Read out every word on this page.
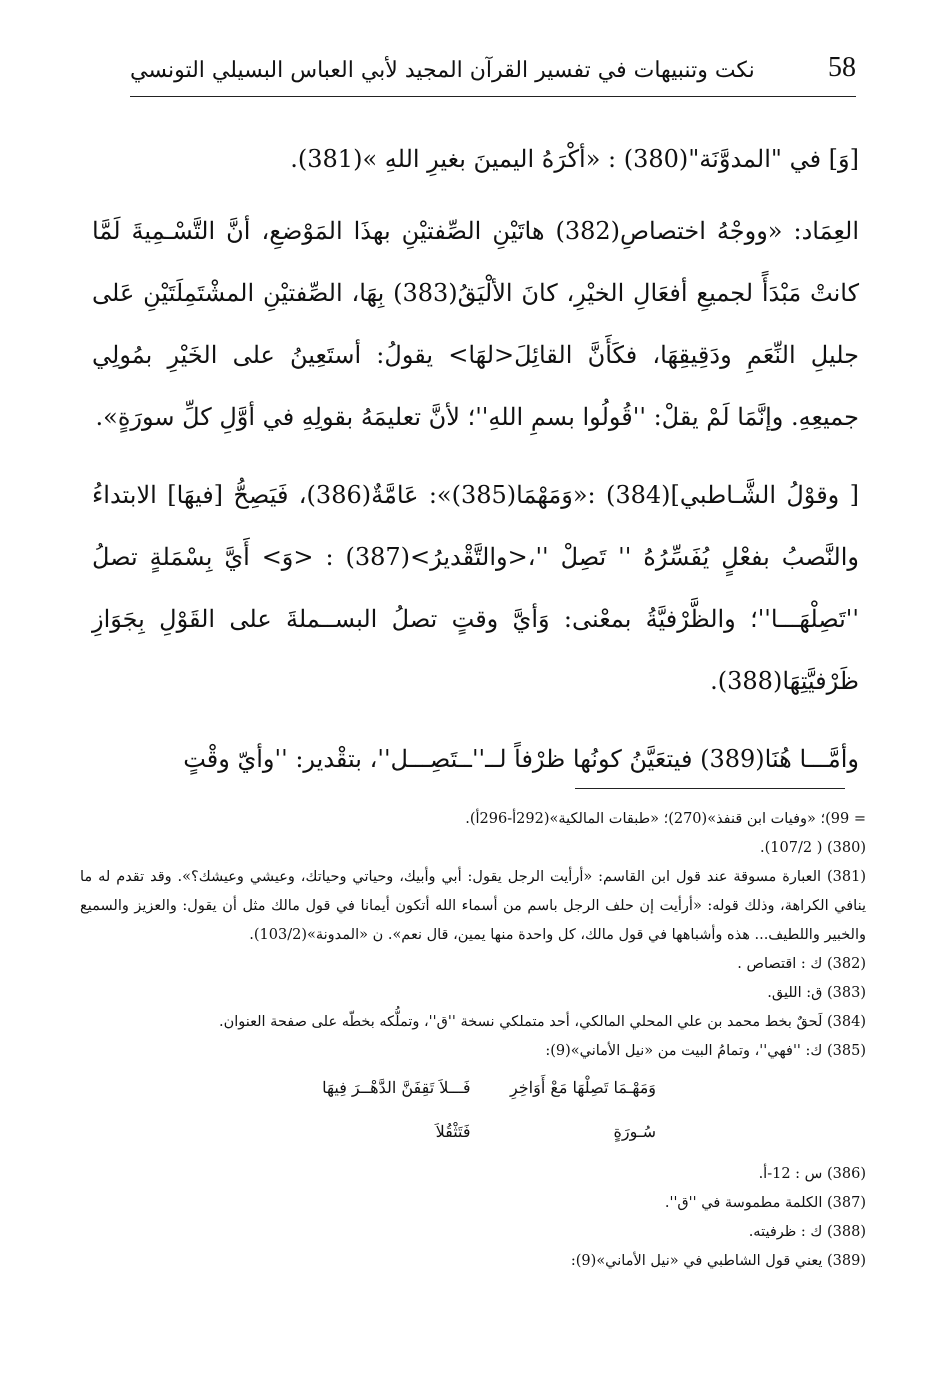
نكت وتنبيهات في تفسير القرآن المجيد لأبي العباس البسيلي التونسي	58

[وَ] في "المدوَّنَة"(380) : «أكْرَهُ اليمينَ بغيرِ اللهِ »(381).

العِمَاد: «ووجْهُ اختصاصِ(382) هاتَيْنِ الصِّفتيْنِ بهذَا المَوْضعِ، أنَّ التَّسْـمِيةَ لَمَّا كانتْ مَبْدَأً لجميعِ أفعَالِ الخيْرِ، كانَ الألْيَقُ(383) بِهَا، الصِّفتيْنِ المشْتَمِلَتَيْنِ عَلى جليلِ النِّعَمِ ودَقِيقِهَا، فكَأَنَّ القائِلَ<لهَا> يقولُ: أستَعِينُ على الخَيْرِ بمُولِي جميعِهِ. وإنَّمَا لَمْ يقلْ: ''قُولُوا بسمِ اللهِ''؛ لأنَّ تعليمَهُ بقولِهِ في أوَّلِ كلِّ سورَةٍ».

[ وقوْلُ الشَّـاطبي](384) :«وَمَهْمَا(385)»: عَامَّةٌ(386)، فَيَصِحُّ [فيهَا] الابتداءُ والنَّصبُ بفعْلٍ يُفَسِّرُهُ '' تَصِلْ ''،<والتَّقْديرُ>(387) : <وَ> أَيَّ بِسْمَلةٍ تصلُ ''تَصِلْهَـــا''؛ والظَّرْفيَّةُ بمعْنى: وَأيَّ وقتٍ تصلُ البســملةَ على القَوْلِ بِجَوَازِ ظَرْفيَّتِهَا(388).

وأمَّـــا هُنَا(389) فيتعَيَّنُ كونُها ظرْفاً لــ''ــتَصِـــل''، بتقْدير: ''وأيّ وقْتٍ

= 99)؛ «وفيات ابن قنفذ»(270)؛ «طبقات المالكية»(292أ-296أ).

(380) ( 107/2).

(381) العبارة مسوقة عند قول ابن القاسم: «أرأيت الرجل يقول: أبي وأبيك، وحياتي وحياتك، وعيشي وعيشك؟». وقد تقدم له ما ينافي الكراهة، وذلك قوله: «أرأيت إن حلف الرجل باسم من أسماء الله أتكون أيمانا في قول مالك مثل أن يقول: والعزيز والسميع والخبير واللطيف... هذه وأشباهها في قول مالك، كل واحدة منها يمين، قال نعم». ن «المدونة»(103/2).

(382) ك : اقتصاص .

(383) ق: الليق.

(384) لَحقٌ بخط محمد بن علي المحلي المالكي، أحد متملكي نسخة ''ق''، وتملُّكه بخطّه على صفحة العنوان.

(385) ك: ''فهي''، وتمامُ البيت من «نيل الأماني»(9):

وَمَهْـمَا تَصِلْهَا مَعْ أَوَاخِرِ سُـورَةٍ
فَـــلاَ تَقِفَنَّ الدَّهْــرَ فِيهَا فَتَثْقُلاَ

(386) س : 12-أ.

(387) الكلمة مطموسة في ''ق''.

(388) ك : ظرفيته.

(389) يعني قول الشاطبي في «نيل الأماني»(9):
